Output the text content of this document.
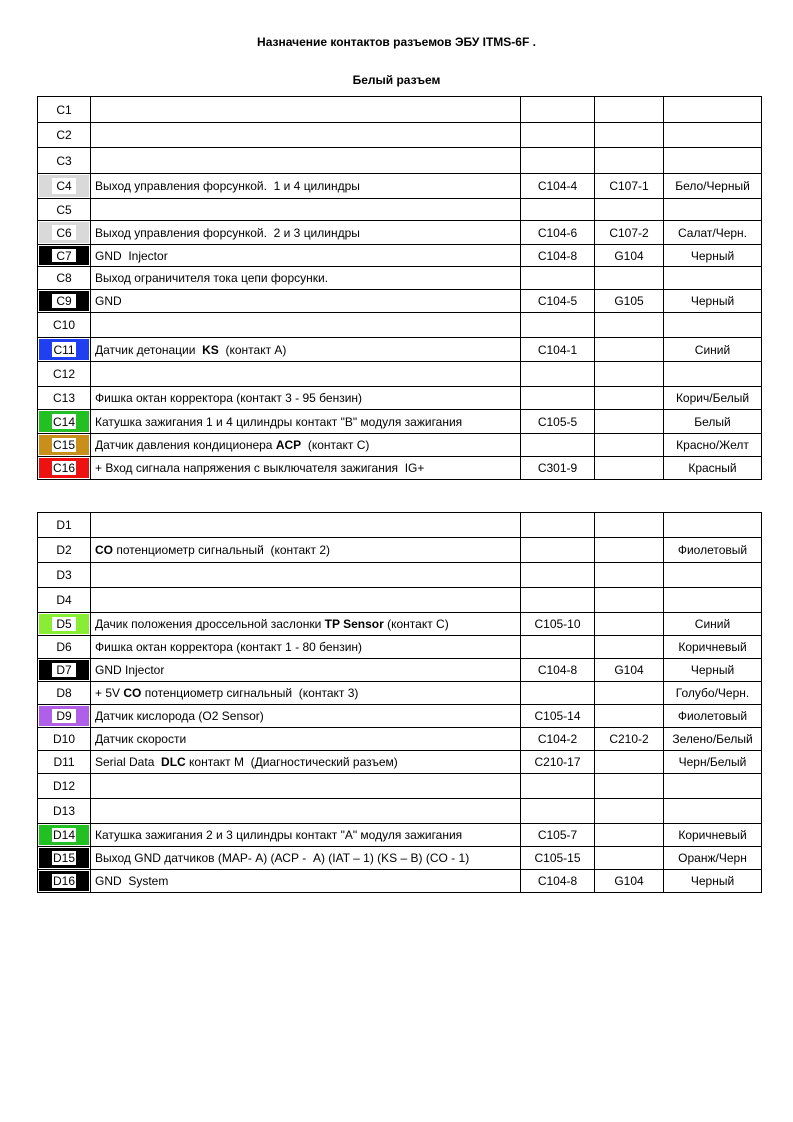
Назначение контактов разъемов ЭБУ ITMS-6F .
Белый разъем
C1				
C2				
C3				

C4	Выход управления форсункой.  1 и 4 цилиндры	C104-4	C107-1	Бело/Черный
C5				

C6	Выход управления форсункой.  2 и 3 цилиндры	C104-6	C107-2	Салат/Черн.

C7	GND  Injector	C104-8	G104	Черный
C8	Выход ограничителя тока цепи форсунки.			

C9	GND	C104-5	G105	Черный
C10				

C11	Датчик детонации  KS  (контакт А)	C104-1		Синий
C12				
C13	Фишка октан корректора (контакт 3 - 95 бензин)			Корич/Белый

C14	Катушка зажигания 1 и 4 цилиндры контакт "В" модуля зажигания	C105-5		Белый

C15	Датчик давления кондиционера ACP  (контакт С)			Красно/Желт

C16	+ Вход сигнала напряжения с выключателя зажигания  IG+	C301-9		Красный
D1				
D2	CO потенциометр сигнальный  (контакт 2)			Фиолетовый
D3				
D4				

D5	Дачик положения дроссельной заслонки TP Sensor (контакт С)	C105-10		Синий
D6	Фишка октан корректора (контакт 1 - 80 бензин)			Коричневый

D7	GND Injector	C104-8	G104	Черный
D8	+ 5V CO потенциометр сигнальный  (контакт 3)			Голубо/Черн.

D9	Датчик кислорода (О2 Sensor)	C105-14		Фиолетовый
D10	Датчик скорости	C104-2	C210-2	Зелено/Белый
D11	Serial Data  DLC контакт M  (Диагностический разъем)	C210-17		Черн/Белый
D12				
D13				

D14	Катушка зажигания 2 и 3 цилиндры контакт "А" модуля зажигания	C105-7		Коричневый

D15	Выход GND датчиков (МАР- А) (АСР -  А) (IAT – 1) (KS – B) (CO - 1)	C105-15		Оранж/Черн

D16	GND  System	C104-8	G104	Черный
